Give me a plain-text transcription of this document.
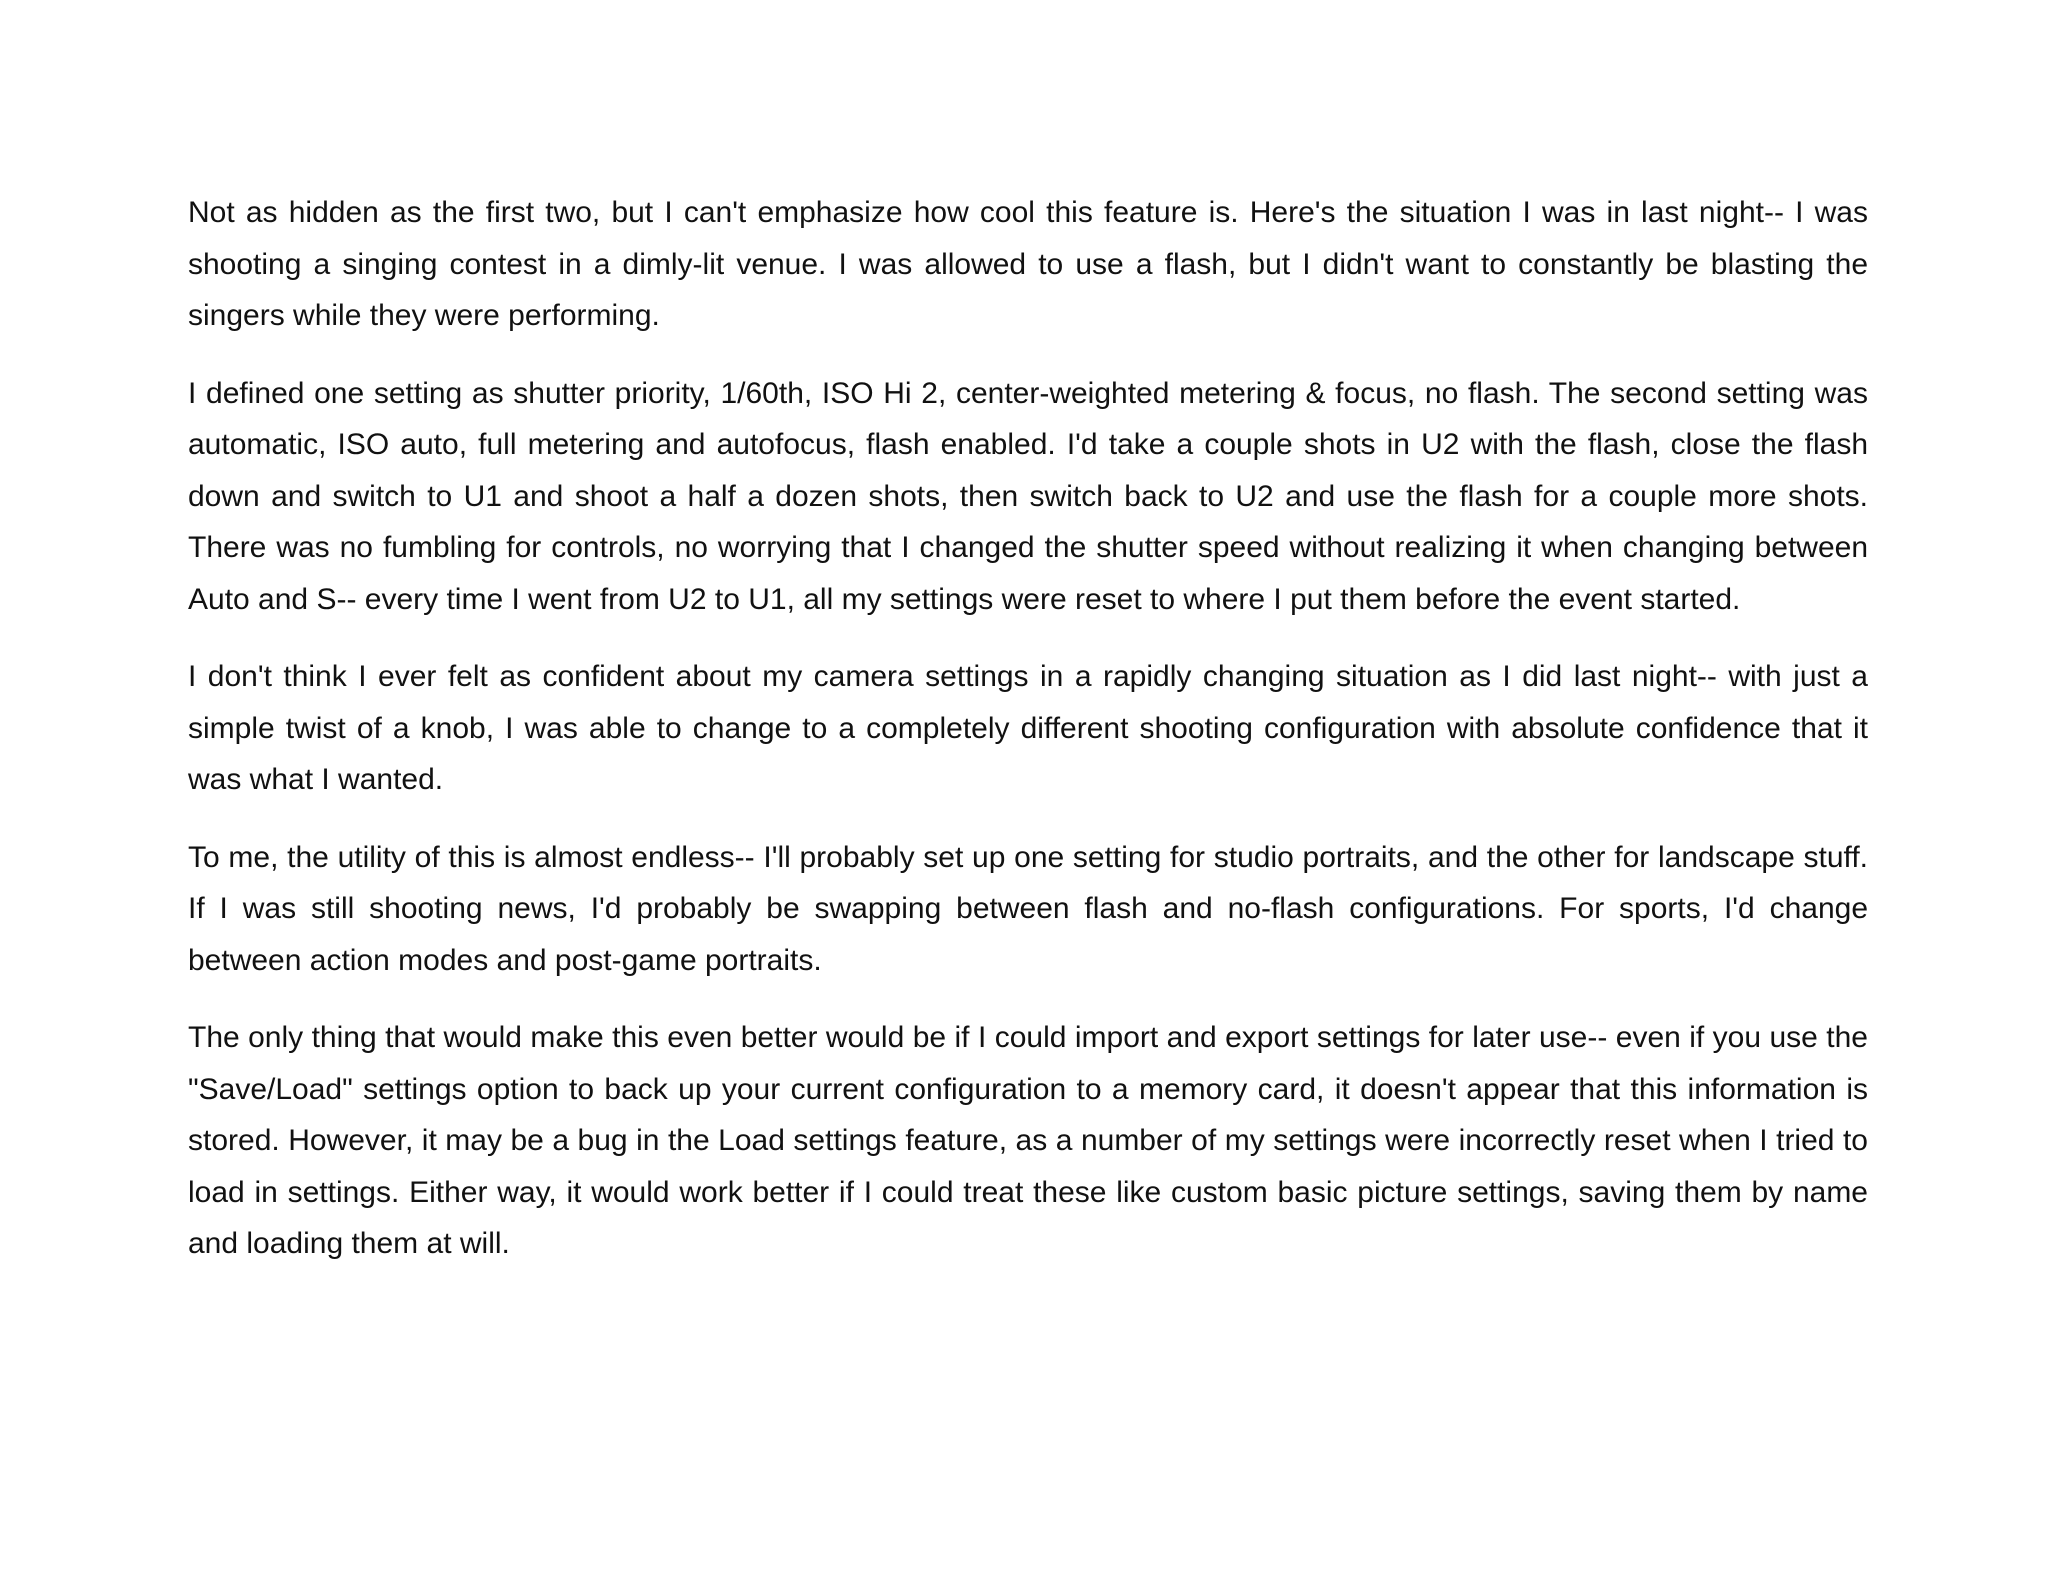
Not as hidden as the first two, but I can't emphasize how cool this feature is. Here's the situation I was in last night-- I was shooting a singing contest in a dimly-lit venue. I was allowed to use a flash, but I didn't want to constantly be blasting the singers while they were performing.

I defined one setting as shutter priority, 1/60th, ISO Hi 2, center-weighted metering & focus, no flash. The second setting was automatic, ISO auto, full metering and autofocus, flash enabled. I'd take a couple shots in U2 with the flash, close the flash down and switch to U1 and shoot a half a dozen shots, then switch back to U2 and use the flash for a couple more shots. There was no fumbling for controls, no worrying that I changed the shutter speed without realizing it when changing between Auto and S-- every time I went from U2 to U1, all my settings were reset to where I put them before the event started.

I don't think I ever felt as confident about my camera settings in a rapidly changing situation as I did last night-- with just a simple twist of a knob, I was able to change to a completely different shooting configuration with absolute confidence that it was what I wanted.

To me, the utility of this is almost endless-- I'll probably set up one setting for studio portraits, and the other for landscape stuff. If I was still shooting news, I'd probably be swapping between flash and no-flash configurations. For sports, I'd change between action modes and post-game portraits.

The only thing that would make this even better would be if I could import and export settings for later use-- even if you use the "Save/Load" settings option to back up your current configuration to a memory card, it doesn't appear that this information is stored. However, it may be a bug in the Load settings feature, as a number of my settings were incorrectly reset when I tried to load in settings. Either way, it would work better if I could treat these like custom basic picture settings, saving them by name and loading them at will.
